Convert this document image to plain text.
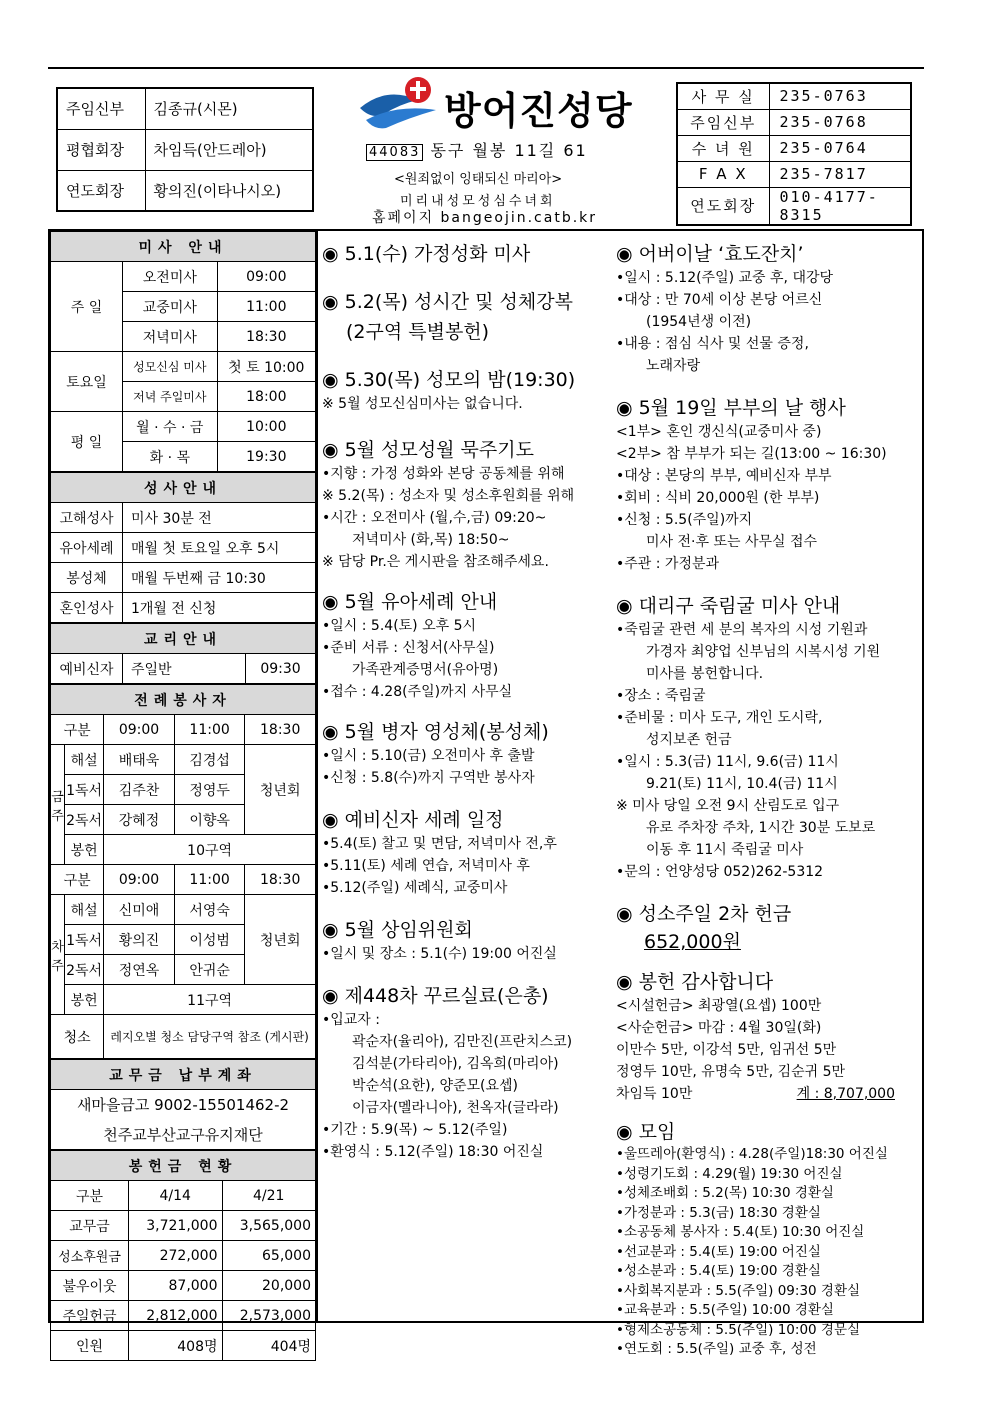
주임신부	김종규(시몬)
평협회장	차임득(안드레아)
연도회장	황의진(이타나시오)
방어진성당
44083 동구 월봉 11길 61
<원죄없이 잉태되신 마리아>
미리내성모성심수녀회
홈페이지 bangeojin.catb.kr
사 무 실	235-0763
주임신부	235-0768
수 녀 원	235-0764
F A X	235-7817
연도회장	010-4177-8315
미사 안내		
주 일	오전미사	09:00
	교중미사	11:00
	저녁미사	18:30
토요일	성모신심 미사	첫 토 10:00
	저녁 주일미사	18:00
평 일	월 · 수 · 금	10:00
	화 · 목	19:30
성사안내	
고해성사	미사 30분 전
유아세례	매월 첫 토요일 오후 5시
봉성체	매월 두번째 금 10:30
혼인성사	1개월 전 신청
교리안내
예비신자	주일반	09:30
전례봉사자				
구분		09:00	11:00	18:30
금주	해설	배태욱	김경섭	청년회
	1독서	김주찬	정영두	
	2독서	강혜정	이향옥	
	봉헌	10구역		
구분		09:00	11:00	18:30
차주	해설	신미애	서영숙	청년회
	1독서	황의진	이성범	
	2독서	정연옥	안귀순	
	봉헌	11구역		
청소		레지오별 청소 담당구역 참조 (게시판)		
교무금 납부계좌
새마을금고 9002-15501462-2
천주교부산교구유지재단
봉헌금 현황		
구분	4/14	4/21
교무금	3,721,000	3,565,000
성소후원금	272,000	65,000
불우이웃	87,000	20,000
주일헌금	2,812,000	2,573,000
인원	408명	404명
◉ 5.1(수) 가정성화 미사
◉ 5.2(목) 성시간 및 성체강복
(2구역 특별봉헌)
◉ 5.30(목) 성모의 밤(19:30)
※ 5월 성모신심미사는 없습니다.
◉ 5월 성모성월 묵주기도
•지향 : 가정 성화와 본당 공동체를 위해
※ 5.2(목) : 성소자 및 성소후원회를 위해
•시간 : 오전미사 (월,수,금) 09:20~
저녁미사 (화,목) 18:50~
※ 담당 Pr.은 게시판을 참조해주세요.
◉ 5월 유아세례 안내
•일시 : 5.4(토) 오후 5시
•준비 서류 : 신청서(사무실)
가족관계증명서(유아명)
•접수 : 4.28(주일)까지 사무실
◉ 5월 병자 영성체(봉성체)
•일시 : 5.10(금) 오전미사 후 출발
•신청 : 5.8(수)까지 구역반 봉사자
◉ 예비신자 세례 일정
•5.4(토) 찰고 및 면담, 저녁미사 전,후
•5.11(토) 세례 연습, 저녁미사 후
•5.12(주일) 세례식, 교중미사
◉ 5월 상임위원회
•일시 및 장소 : 5.1(수) 19:00 어진실
◉ 제448차 꾸르실료(은총)
•입교자 :
곽순자(율리아), 김만진(프란치스코)
김석분(가타리아), 김옥희(마리아)
박순석(요한), 양준모(요셉)
이금자(멜라니아), 천옥자(글라라)
•기간 : 5.9(목) ~ 5.12(주일)
•환영식 : 5.12(주일) 18:30 어진실
◉ 어버이날 ‘효도잔치’
•일시 : 5.12(주일) 교중 후, 대강당
•대상 : 만 70세 이상 본당 어르신
(1954년생 이전)
•내용 : 점심 식사 및 선물 증정,
노래자랑
◉ 5월 19일 부부의 날 행사
<1부> 혼인 갱신식(교중미사 중)
<2부> 참 부부가 되는 길(13:00 ~ 16:30)
•대상 : 본당의 부부, 예비신자 부부
•회비 : 식비 20,000원 (한 부부)
•신청 : 5.5(주일)까지
미사 전·후 또는 사무실 접수
•주관 : 가정분과
◉ 대리구 죽림굴 미사 안내
•죽림굴 관련 세 분의 복자의 시성 기원과
가경자 최양업 신부님의 시복시성 기원
미사를 봉헌합니다.
•장소 : 죽림굴
•준비물 : 미사 도구, 개인 도시락,
성지보존 헌금
•일시 : 5.3(금) 11시, 9.6(금) 11시
9.21(토) 11시, 10.4(금) 11시
※ 미사 당일 오전 9시 산림도로 입구
유로 주차장 주차, 1시간 30분 도보로
이동 후 11시 죽림굴 미사
•문의 : 언양성당 052)262-5312
◉ 성소주일 2차 헌금
652,000원
◉ 봉헌 감사합니다
<시설헌금> 최광열(요셉) 100만
<사순헌금> 마감 : 4월 30일(화)
이만수 5만, 이강석 5만, 임귀선 5만
정영두 10만, 유명숙 5만, 김순귀 5만
차임득 10만	계 : 8,707,000
◉ 모임
•울뜨레아(환영식) : 4.28(주일)18:30 어진실
•성령기도회 : 4.29(월) 19:30 어진실
•성체조배회 : 5.2(목) 10:30 경환실
•가정분과 : 5.3(금) 18:30 경환실
•소공동체 봉사자 : 5.4(토) 10:30 어진실
•선교분과 : 5.4(토) 19:00 어진실
•성소분과 : 5.4(토) 19:00 경환실
•사회복지분과 : 5.5(주일) 09:30 경환실
•교육분과 : 5.5(주일) 10:00 경환실
•형제소공동체 : 5.5(주일) 10:00 경문실
•연도회 : 5.5(주일) 교중 후, 성전
